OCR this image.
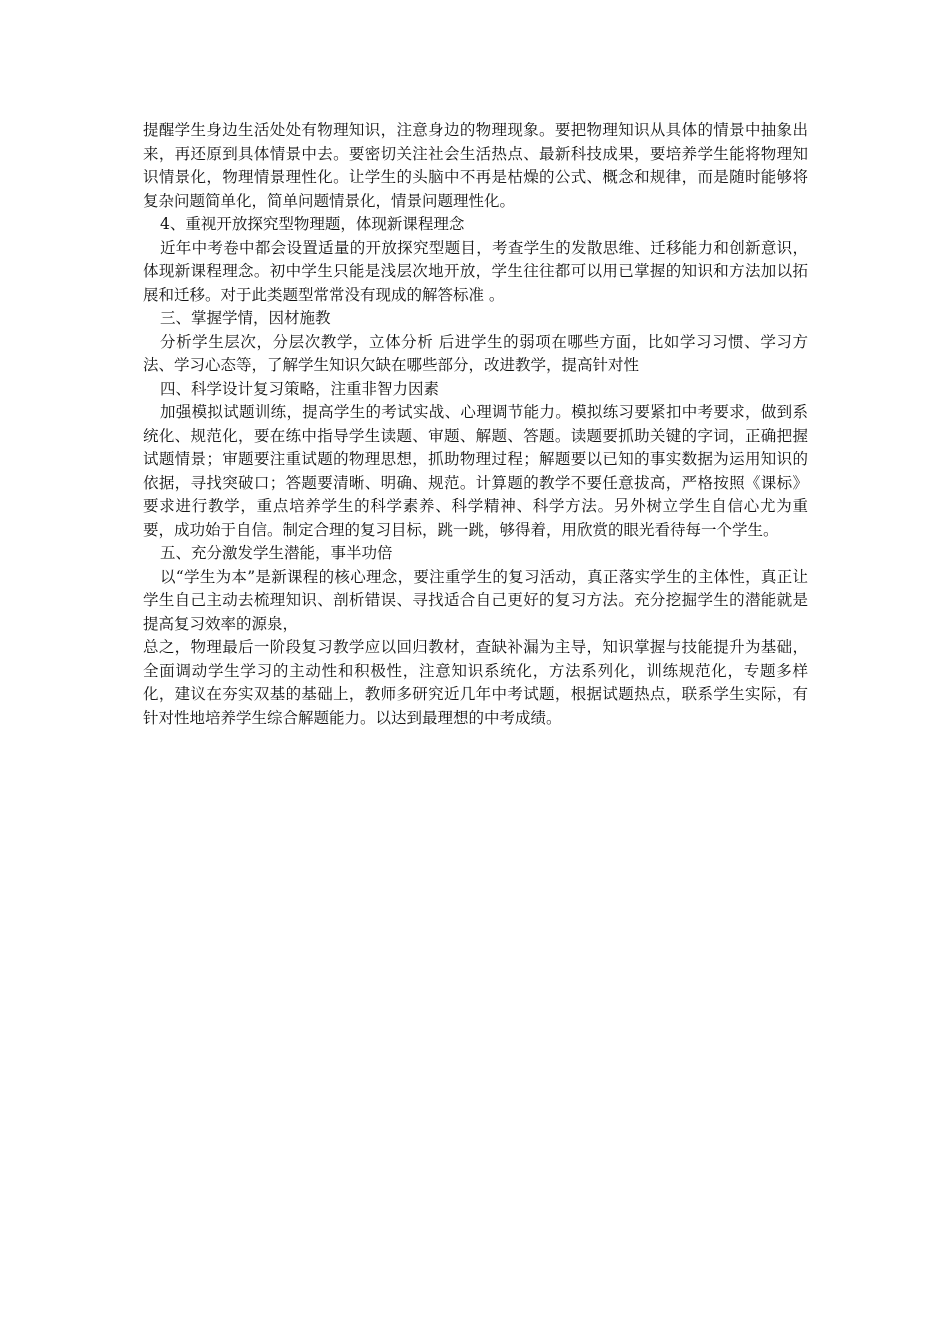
提醒学生身边生活处处有物理知识，注意身边的物理现象。要把物理知识从具体的情景中抽象出来，再还原到具体情景中去。要密切关注社会生活热点、最新科技成果，要培养学生能将物理知识情景化，物理情景理性化。让学生的头脑中不再是枯燥的公式、概念和规律，而是随时能够将复杂问题简单化，简单问题情景化，情景问题理性化。

4、重视开放探究型物理题，体现新课程理念

近年中考卷中都会设置适量的开放探究型题目，考查学生的发散思维、迁移能力和创新意识，体现新课程理念。初中学生只能是浅层次地开放，学生往往都可以用已掌握的知识和方法加以拓展和迁移。对于此类题型常常没有现成的解答标准 。

三、掌握学情，因材施教

分析学生层次，分层次教学，立体分析 后进学生的弱项在哪些方面，比如学习习惯、学习方法、学习心态等，了解学生知识欠缺在哪些部分，改进教学，提高针对性

四、科学设计复习策略，注重非智力因素

加强模拟试题训练，提高学生的考试实战、心理调节能力。模拟练习要紧扣中考要求，做到系统化、规范化，要在练中指导学生读题、审题、解题、答题。读题要抓助关键的字词，正确把握试题情景；审题要注重试题的物理思想，抓助物理过程；解题要以已知的事实数据为运用知识的依据，寻找突破口；答题要清晰、明确、规范。计算题的教学不要任意拔高，严格按照《课标》要求进行教学，重点培养学生的科学素养、科学精神、科学方法。另外树立学生自信心尤为重要，成功始于自信。制定合理的复习目标，跳一跳，够得着，用欣赏的眼光看待每一个学生。

五、充分激发学生潜能，事半功倍

以“学生为本”是新课程的核心理念，要注重学生的复习活动，真正落实学生的主体性，真正让学生自己主动去梳理知识、剖析错误、寻找适合自己更好的复习方法。充分挖掘学生的潜能就是提高复习效率的源泉，

总之，物理最后一阶段复习教学应以回归教材，查缺补漏为主导，知识掌握与技能提升为基础，全面调动学生学习的主动性和积极性，注意知识系统化，方法系列化，训练规范化，专题多样化，建议在夯实双基的基础上，教师多研究近几年中考试题，根据试题热点，联系学生实际，有针对性地培养学生综合解题能力。以达到最理想的中考成绩。
